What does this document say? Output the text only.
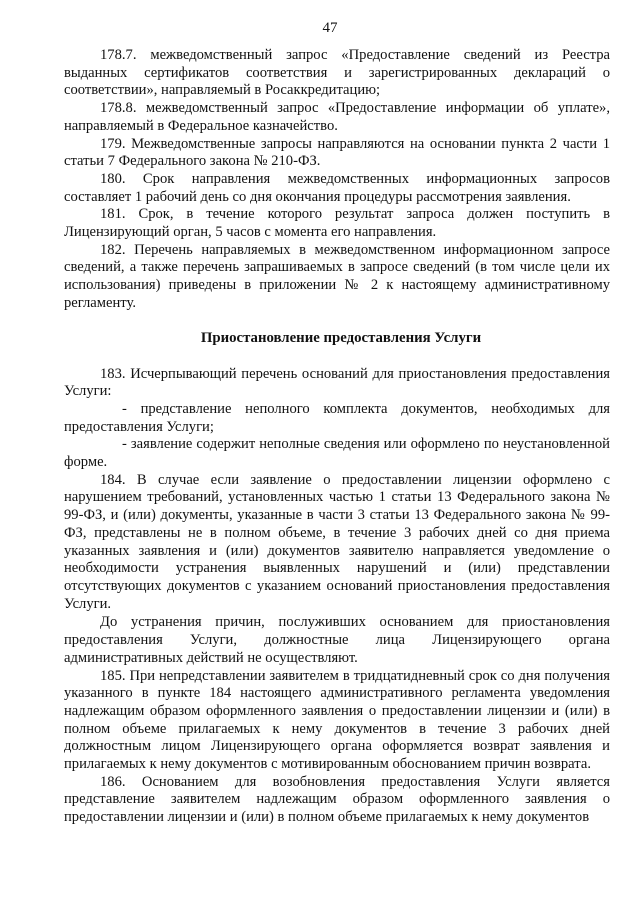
47

178.7. межведомственный запрос «Предоставление сведений из Реестра выданных сертификатов соответствия и зарегистрированных деклараций о соответствии», направляемый в Росаккредитацию;

178.8. межведомственный запрос «Предоставление информации об уплате», направляемый в Федеральное казначейство.

179. Межведомственные запросы направляются на основании пункта 2 части 1 статьи 7 Федерального закона № 210-ФЗ.

180. Срок направления межведомственных информационных запросов составляет 1 рабочий день со дня окончания процедуры рассмотрения заявления.

181. Срок, в течение которого результат запроса должен поступить в Лицензирующий орган, 5 часов с момента его направления.

182. Перечень направляемых в межведомственном информационном запросе сведений, а также перечень запрашиваемых в запросе сведений (в том числе цели их использования) приведены в приложении № 2 к настоящему административному регламенту.

Приостановление предоставления Услуги

183. Исчерпывающий перечень оснований для приостановления предоставления Услуги:

- представление неполного комплекта документов, необходимых для предоставления Услуги;

- заявление содержит неполные сведения или оформлено по неустановленной форме.

184. В случае если заявление о предоставлении лицензии оформлено с нарушением требований, установленных частью 1 статьи 13 Федерального закона № 99-ФЗ, и (или) документы, указанные в части 3 статьи 13 Федерального закона № 99-ФЗ, представлены не в полном объеме, в течение 3 рабочих дней со дня приема указанных заявления и (или) документов заявителю направляется уведомление о необходимости устранения выявленных нарушений и (или) представлении отсутствующих документов с указанием оснований приостановления предоставления Услуги.

До устранения причин, послуживших основанием для приостановления предоставления Услуги, должностные лица Лицензирующего органа административных действий не осуществляют.

185. При непредставлении заявителем в тридцатидневный срок со дня получения указанного в пункте 184 настоящего административного регламента уведомления надлежащим образом оформленного заявления о предоставлении лицензии и (или) в полном объеме прилагаемых к нему документов в течение 3 рабочих дней должностным лицом Лицензирующего органа оформляется возврат заявления и прилагаемых к нему документов с мотивированным обоснованием причин возврата.

186. Основанием для возобновления предоставления Услуги является представление заявителем надлежащим образом оформленного заявления о предоставлении лицензии и (или) в полном объеме прилагаемых к нему документов
